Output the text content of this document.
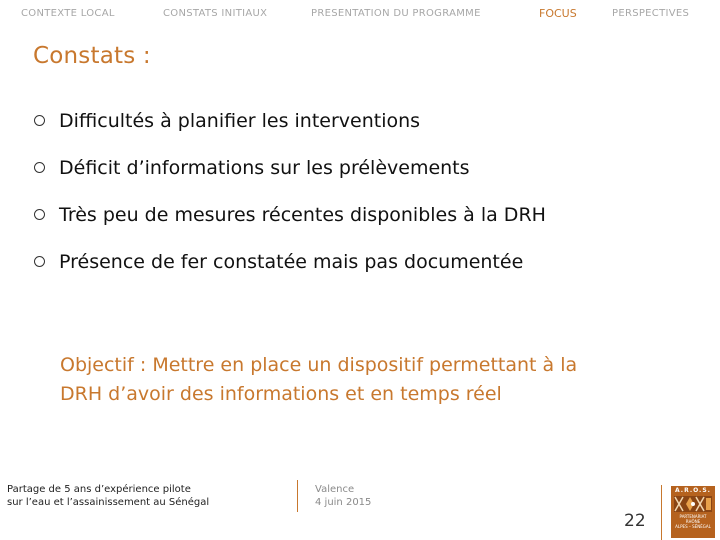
CONTEXTE LOCAL	CONSTATS INITIAUX	PRESENTATION DU PROGRAMME	FOCUS	PERSPECTIVES
Constats :
Difficultés à planifier les interventions
Déficit d’informations sur les prélèvements
Très peu de mesures récentes disponibles à la DRH
Présence de fer constatée mais pas documentée
Objectif : Mettre en place un dispositif permettant à la
DRH d’avoir des informations et en temps réel
Partage de 5 ans d’expérience pilote
sur l’eau et l’assainissement au Sénégal
Valence
4 juin 2015
22
A.R.O.S.
PARTENARIAT RHÔNE
ALPES – SÉNÉGAL
